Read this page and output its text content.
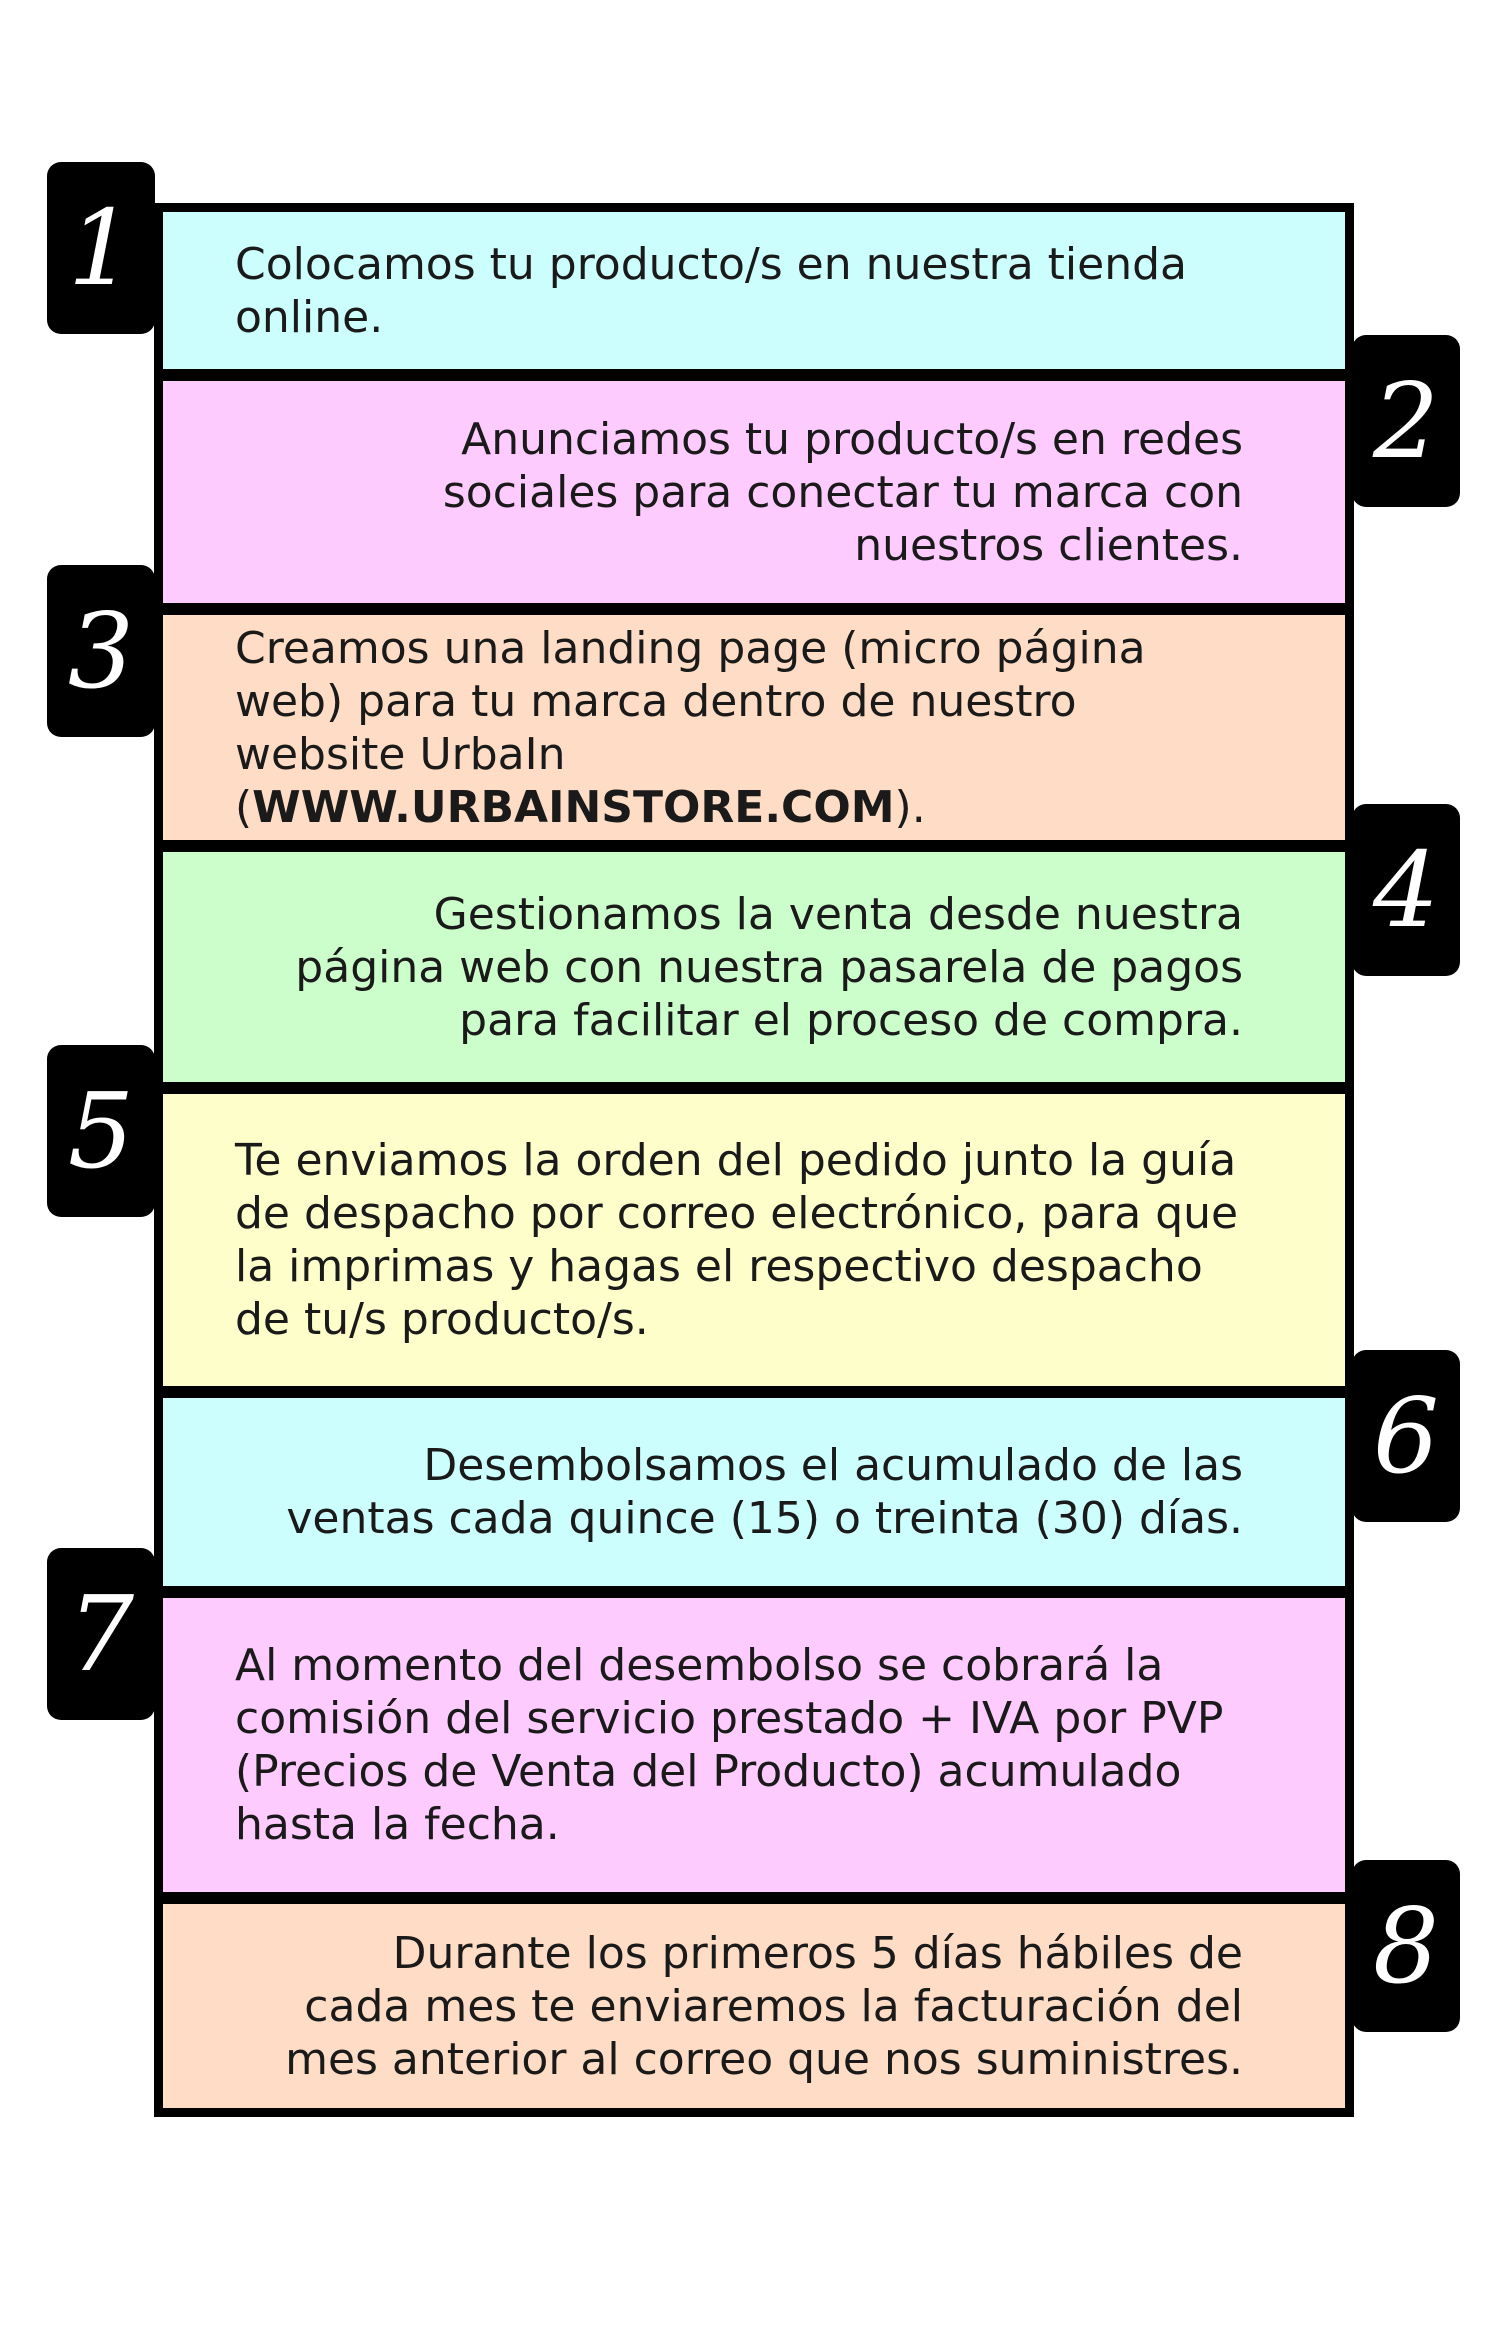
Colocamos tu producto/s en nuestra tienda online.
1
Anunciamos tu producto/s en redes sociales para conectar tu marca con nuestros clientes.
2
Creamos una landing page (micro página web) para tu marca dentro de nuestro website UrbaIn (WWW.URBAINSTORE.COM).
3
Gestionamos la venta desde nuestra página web con nuestra pasarela de pagos para facilitar el proceso de compra.
4
Te enviamos la orden del pedido junto la guía de despacho por correo electrónico, para que la imprimas y hagas el respectivo despacho de tu/s producto/s.
5
Desembolsamos el acumulado de las ventas cada quince (15) o treinta (30) días.
6
Al momento del desembolso se cobrará la comisión del servicio prestado + IVA por PVP (Precios de Venta del Producto) acumulado hasta la fecha.
7
Durante los primeros 5 días hábiles de cada mes te enviaremos la facturación del mes anterior al correo que nos suministres.
8
